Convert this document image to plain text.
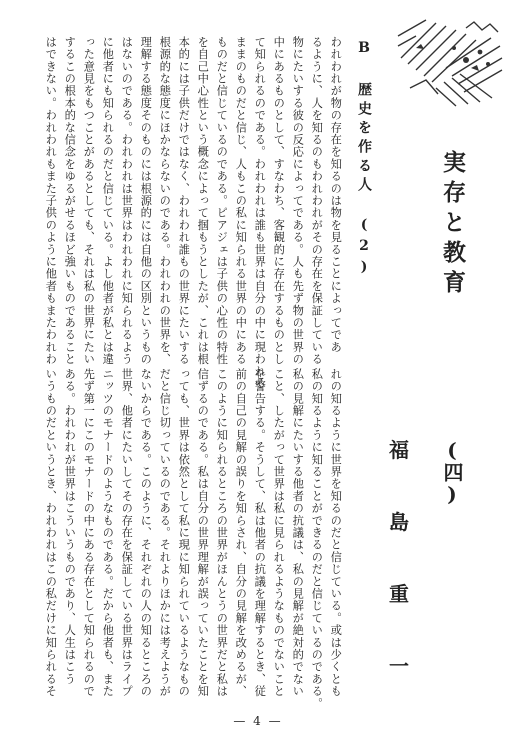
実存と教育
(四)
福
島
重
一
B 歴史を作る人 (2)

われわれが物の存在を知るのは物を見ることによってであ

るように、人を知るのもわれわれがその存在を保証している

物にたいする彼の反応によってである。人も先ず物の世界の

中にあるものとして、すなわち、客観的に存在するものとし

て知られるのである。われわれは誰も世界は自分の中に現われる

ままのものだと信じ、人もこの私に知られる世界の中にある

ものだと信じているのである。ピアジェは子供の心性の特性

を自己中心性という概念によって掴もうとしたが、これは根

本的には子供だけではなく、われわれ誰もの世界にたいする

根源的な態度にほかならないのである。われわれの世界を、

理解する態度そのものには根源的には自他の区別というもの

はないのである。われわれは世界はわれわれに知られるよう

に他者にも知られるのだと信じている。よし他者が私とは違

った意見をもつことがあるとしても、それは私の世界にたい

するこの根本的な信念をゆるがせるほど強いものであること

はできない。われわれもまた子供のように他者もまたわれわ

れの知るように世界を知るのだと信じている。或は少くとも

私の知るように知ることができるのだと信じているのである。

私の見解にたいする他者の抗議は、私の見解が絶対的でない

こと、したがって世界は私に見られるようなものでないこと

を警告する。そうして、私は他者の抗議を理解するとき、従

前の自己の見解の誤りを知らされ、自分の見解を改めるが、

このように知られるところの世界がほんとうの世界だと私は

信ずるのである。私は自分の世界理解が誤っていたことを知

っても、世界は依然として私に現に知られているようなもの

だと信じ切っているのである。それよりほかには考えようが

ないからである。このように、それぞれの人の知るところの

世界、他者にたいしてその存在を保証している世界はライプ

ニッツのモナードのようなものである。だから他者も、また

先ず第一にこのモナードの中にある存在として知られるので

ある。われわれが世界はこういうものであり、人生はこう

いうものだというとき、われわれはこの私だけに知られるそ

— 4 —
